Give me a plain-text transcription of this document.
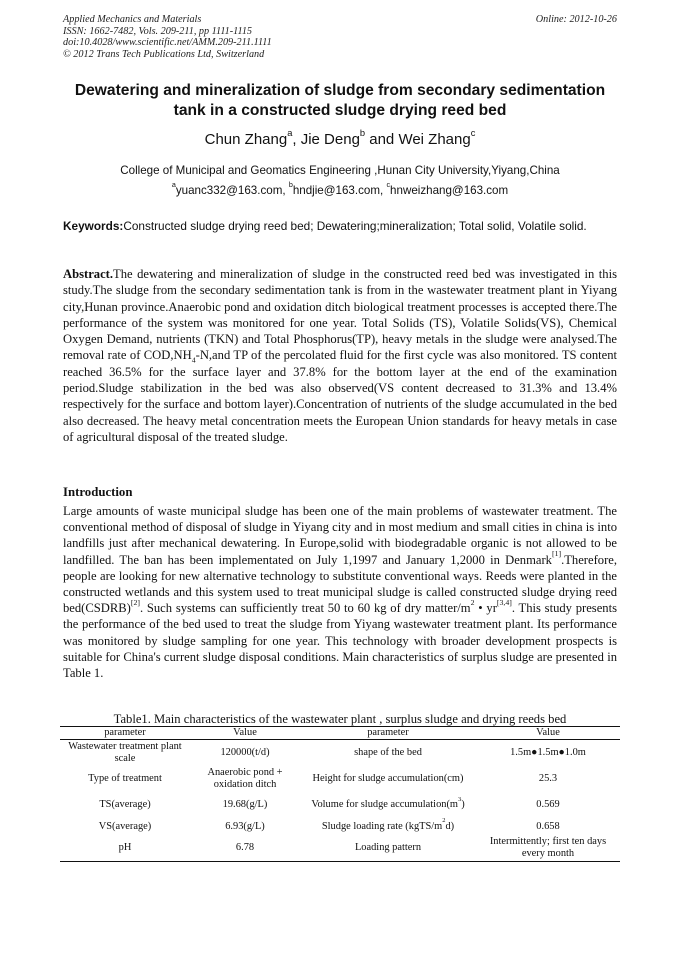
Applied Mechanics and Materials
ISSN: 1662-7482, Vols. 209-211, pp 1111-1115
doi:10.4028/www.scientific.net/AMM.209-211.1111
© 2012 Trans Tech Publications Ltd, Switzerland
Online: 2012-10-26
Dewatering and mineralization of sludge from secondary sedimentation tank in a constructed sludge drying reed bed
Chun Zhang$^a$, Jie Deng$^b$ and Wei Zhang$^c$
College of Municipal and Geomatics Engineering ,Hunan City University,Yiyang,China
$^a$yuanc332@163.com, $^b$hndjie@163.com, $^c$hnweizhang@163.com
Keywords:Constructed sludge drying reed bed; Dewatering;mineralization; Total solid, Volatile solid.
Abstract.The dewatering and mineralization of sludge in the constructed reed bed was investigated in this study.The sludge from the secondary sedimentation tank is from in the wastewater treatment plant in Yiyang city,Hunan province.Anaerobic pond and oxidation ditch biological treatment processes is accepted there.The performance of the system was monitored for one year. Total Solids (TS), Volatile Solids(VS), Chemical Oxygen Demand, nutrients (TKN) and Total Phosphorus(TP), heavy metals in the sludge were analysed.The removal rate of $COD,NH_4-N,and$ TP of the percolated fluid for the first cycle was also monitored. TS content reached 36.5% for the surface layer and 37.8% for the bottom layer at the end of the examination period.Sludge stabilization in the bed was also observed(VS content decreased to 31.3% and 13.4% respectively for the surface and bottom layer).Concentration of nutrients of the sludge accumulated in the bed also decreased. The heavy metal concentration meets the European Union standards for heavy metals in case of agricultural disposal of the treated sludge.
Introduction
Large amounts of waste municipal sludge has been one of the main problems of wastewater treatment. The conventional method of disposal of sludge in Yiyang city and in most medium and small cities in china is into landfills just after mechanical dewatering. In Europe,solid with biodegradable organic is not allowed to be landfilled. The ban has been implementated on July 1,1997 and January 1,2000 in Denmark[1].Therefore, people are looking for new alternative technology to substitute conventional ways. Reeds were planted in the constructed wetlands and this system used to treat municipal sludge is called constructed sludge drying reed bed(CSDRB)[2]. Such systems can sufficiently treat 50 to 60 kg of dry matter/$m^2$ • yr[3,4]. This study presents the performance of the bed used to treat the sludge from Yiyang wastewater treatment plant. Its performance was monitored by sludge sampling for one year. This technology with broader development prospects is suitable for China's current sludge disposal conditions. Main characteristics of surplus sludge are presented in Table 1.
Table1. Main characteristics of the wastewater plant , surplus sludge and drying reeds bed
parameter	Value	parameter	Value
Wastewater treatment plant scale	120000(t/d)	shape of the bed	1.5m●1.5m●1.0m
Type of treatment	Anaerobic pond + oxidation ditch	Height for sludge accumulation(cm)	25.3
TS(average)	19.68(g/L)	Volume for sludge $accumulation(m^3)$	0.569
VS(average)	6.93(g/L)	Sludge loading rate $(kgTS/m^2d)$	0.658
pH	6.78	Loading pattern	Intermittently; first ten days every month
